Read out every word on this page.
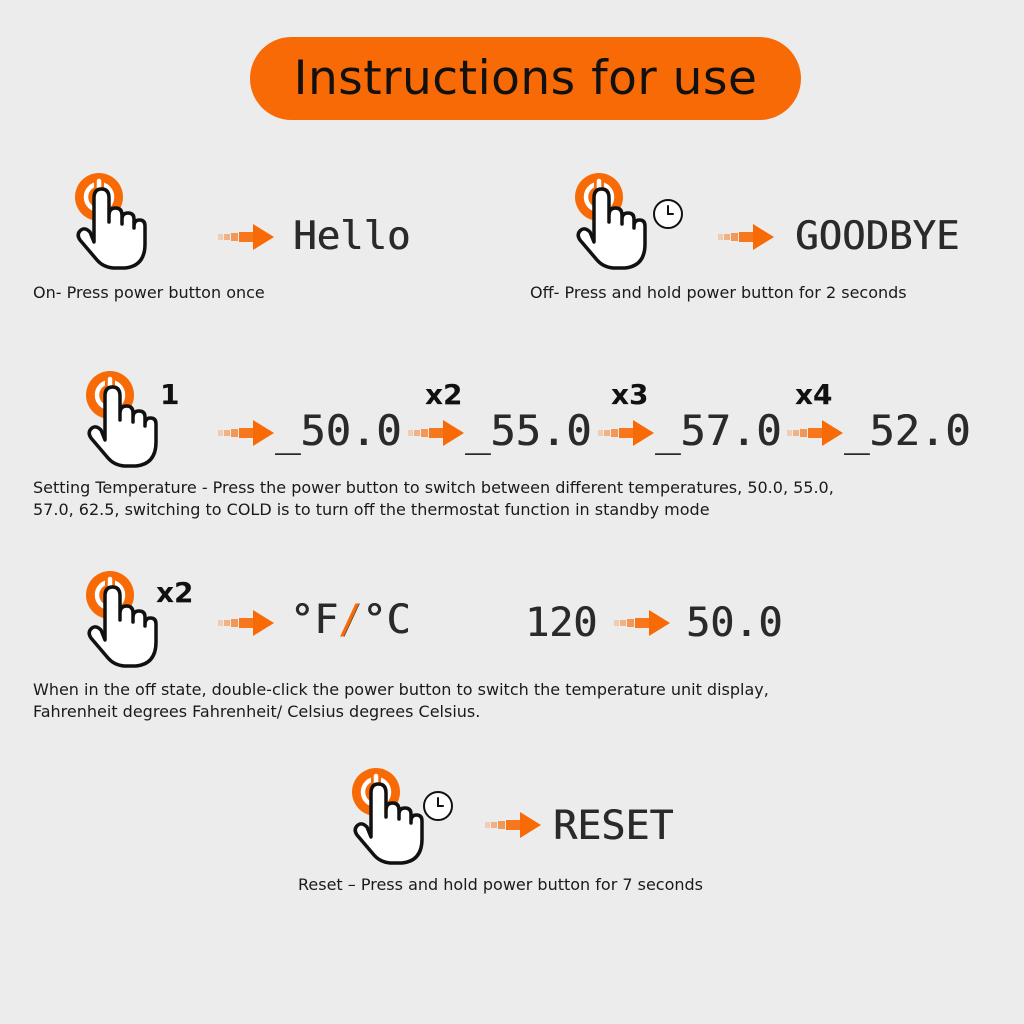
Instructions for use
Hello
On- Press power button once
GOODBYE
Off- Press and hold power button for 2 seconds
1
_50.0
x2
_55.0
x3
_57.0
x4
_52.0
Setting Temperature - Press the power button to switch between different temperatures, 50.0, 55.0,
57.0, 62.5, switching to COLD is to turn off the thermostat function in standby mode
x2
°F/°C	120 50.0
When in the off state, double-click the power button to switch the temperature unit display,
Fahrenheit degrees Fahrenheit/ Celsius degrees Celsius.
RESET
Reset – Press and hold power button for 7 seconds
